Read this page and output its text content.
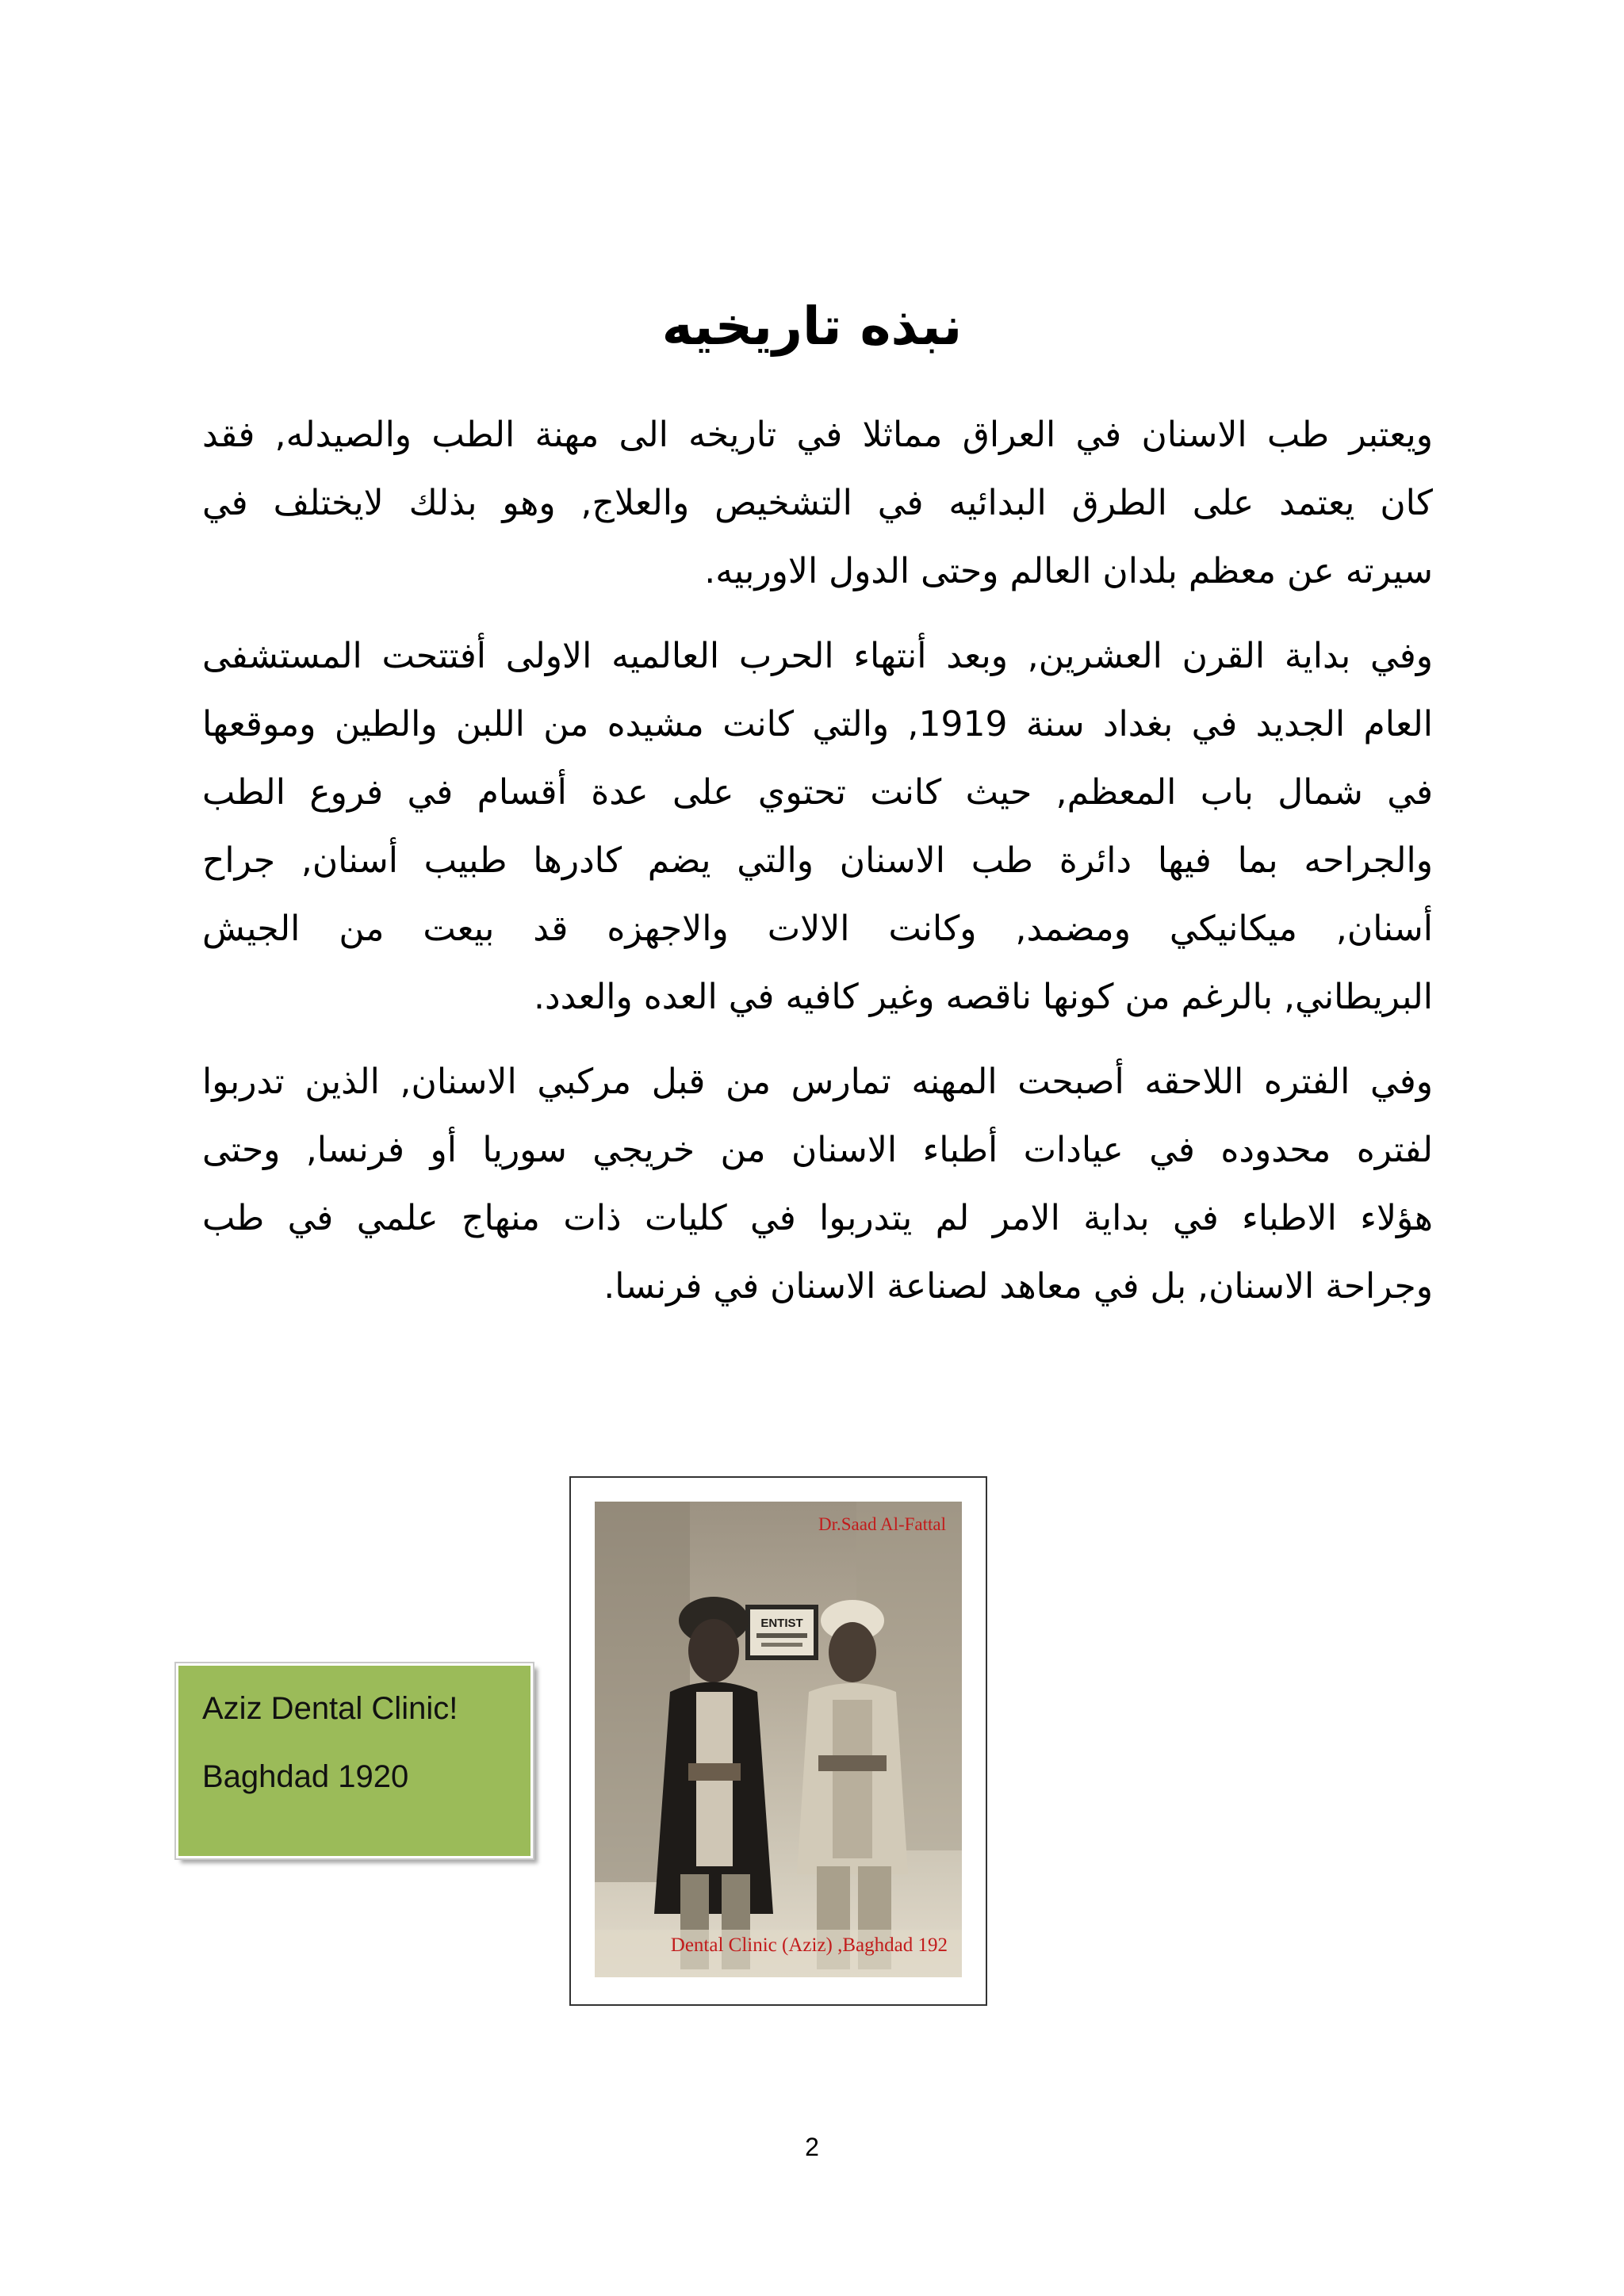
نبذه تاريخيه
ويعتبر طب الاسنان في العراق مماثلا في تاريخه الى مهنة الطب والصيدله, فقد
كان يعتمد على الطرق البدائيه في التشخيص والعلاج, وهو بذلك لايختلف في
سيرته عن معظم بلدان العالم وحتى الدول الاوربيه.
وفي بداية القرن العشرين, وبعد أنتهاء الحرب العالميه الاولى أفتتحت المستشفى
العام الجديد في بغداد سنة 1919, والتي كانت مشيده من اللبن والطين وموقعها
في شمال باب المعظم, حيث كانت تحتوي على عدة أقسام في فروع الطب
والجراحه بما فيها دائرة طب الاسنان والتي يضم كادرها طبيب أسنان, جراح
أسنان, ميكانيكي ومضمد, وكانت الالات والاجهزه قد بيعت من الجيش
البريطاني, بالرغم من كونها ناقصه وغير كافيه في العده والعدد.
وفي الفتره اللاحقه أصبحت المهنه تمارس من قبل مركبي الاسنان, الذين تدربوا
لفتره محدوده في عيادات أطباء الاسنان من خريجي سوريا أو فرنسا, وحتى
هؤلاء الاطباء في بداية الامر لم يتدربوا في كليات ذات منهاج علمي في طب
وجراحة الاسنان, بل في معاهد لصناعة الاسنان في فرنسا.
Aziz Dental Clinic!
Baghdad 1920
ENTIST
Dr.Saad Al-Fattal
Dental Clinic (Aziz) ,Baghdad 192
2
